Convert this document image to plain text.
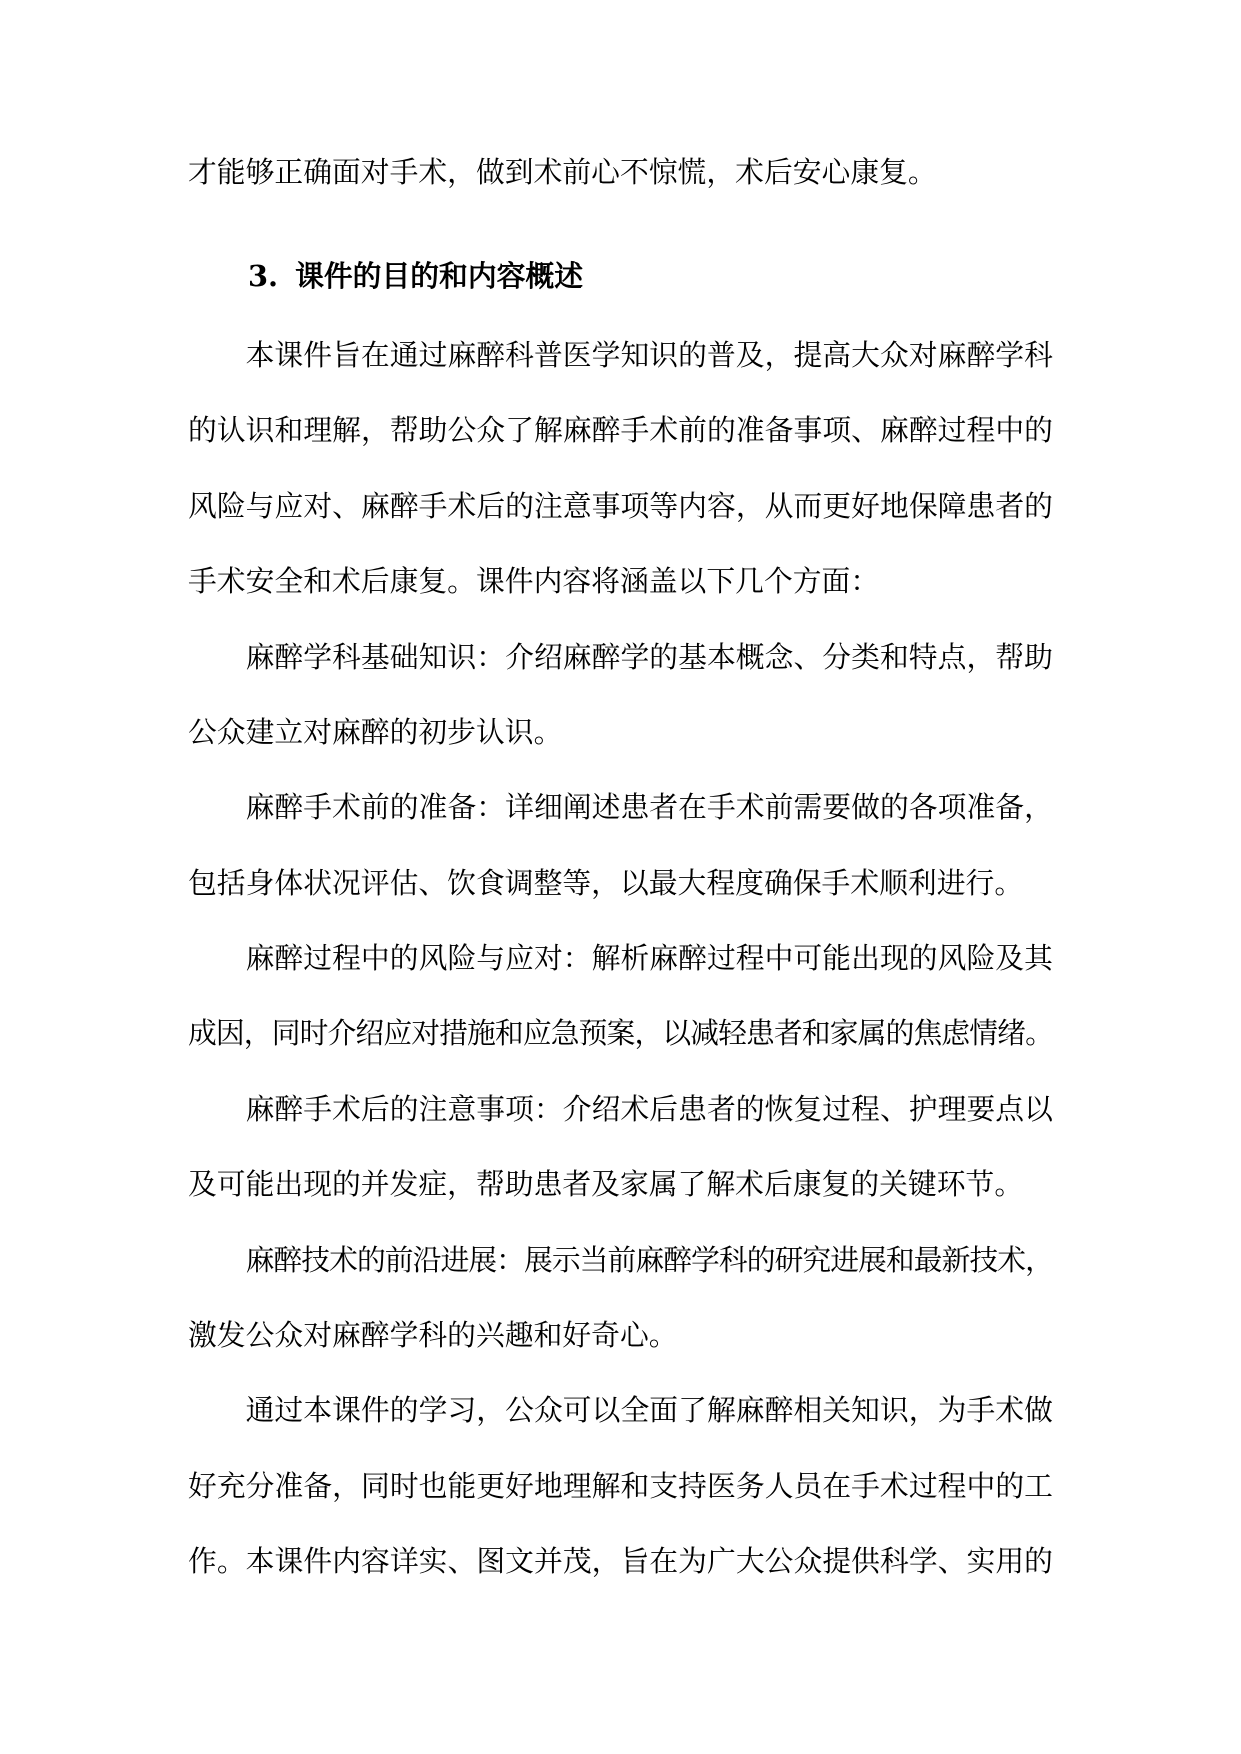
才能够正确面对手术，做到术前心不惊慌，术后安心康复。
3. 课件的目的和内容概述
本课件旨在通过麻醉科普医学知识的普及，提高大众对麻醉学科
的认识和理解，帮助公众了解麻醉手术前的准备事项、麻醉过程中的
风险与应对、麻醉手术后的注意事项等内容，从而更好地保障患者的
手术安全和术后康复。课件内容将涵盖以下几个方面：
麻醉学科基础知识：介绍麻醉学的基本概念、分类和特点，帮助
公众建立对麻醉的初步认识。
麻醉手术前的准备：详细阐述患者在手术前需要做的各项准备，
包括身体状况评估、饮食调整等，以最大程度确保手术顺利进行。
麻醉过程中的风险与应对：解析麻醉过程中可能出现的风险及其
成因，同时介绍应对措施和应急预案，以减轻患者和家属的焦虑情绪。
麻醉手术后的注意事项：介绍术后患者的恢复过程、护理要点以
及可能出现的并发症，帮助患者及家属了解术后康复的关键环节。
麻醉技术的前沿进展：展示当前麻醉学科的研究进展和最新技术，
激发公众对麻醉学科的兴趣和好奇心。
通过本课件的学习，公众可以全面了解麻醉相关知识，为手术做
好充分准备，同时也能更好地理解和支持医务人员在手术过程中的工
作。本课件内容详实、图文并茂，旨在为广大公众提供科学、实用的
